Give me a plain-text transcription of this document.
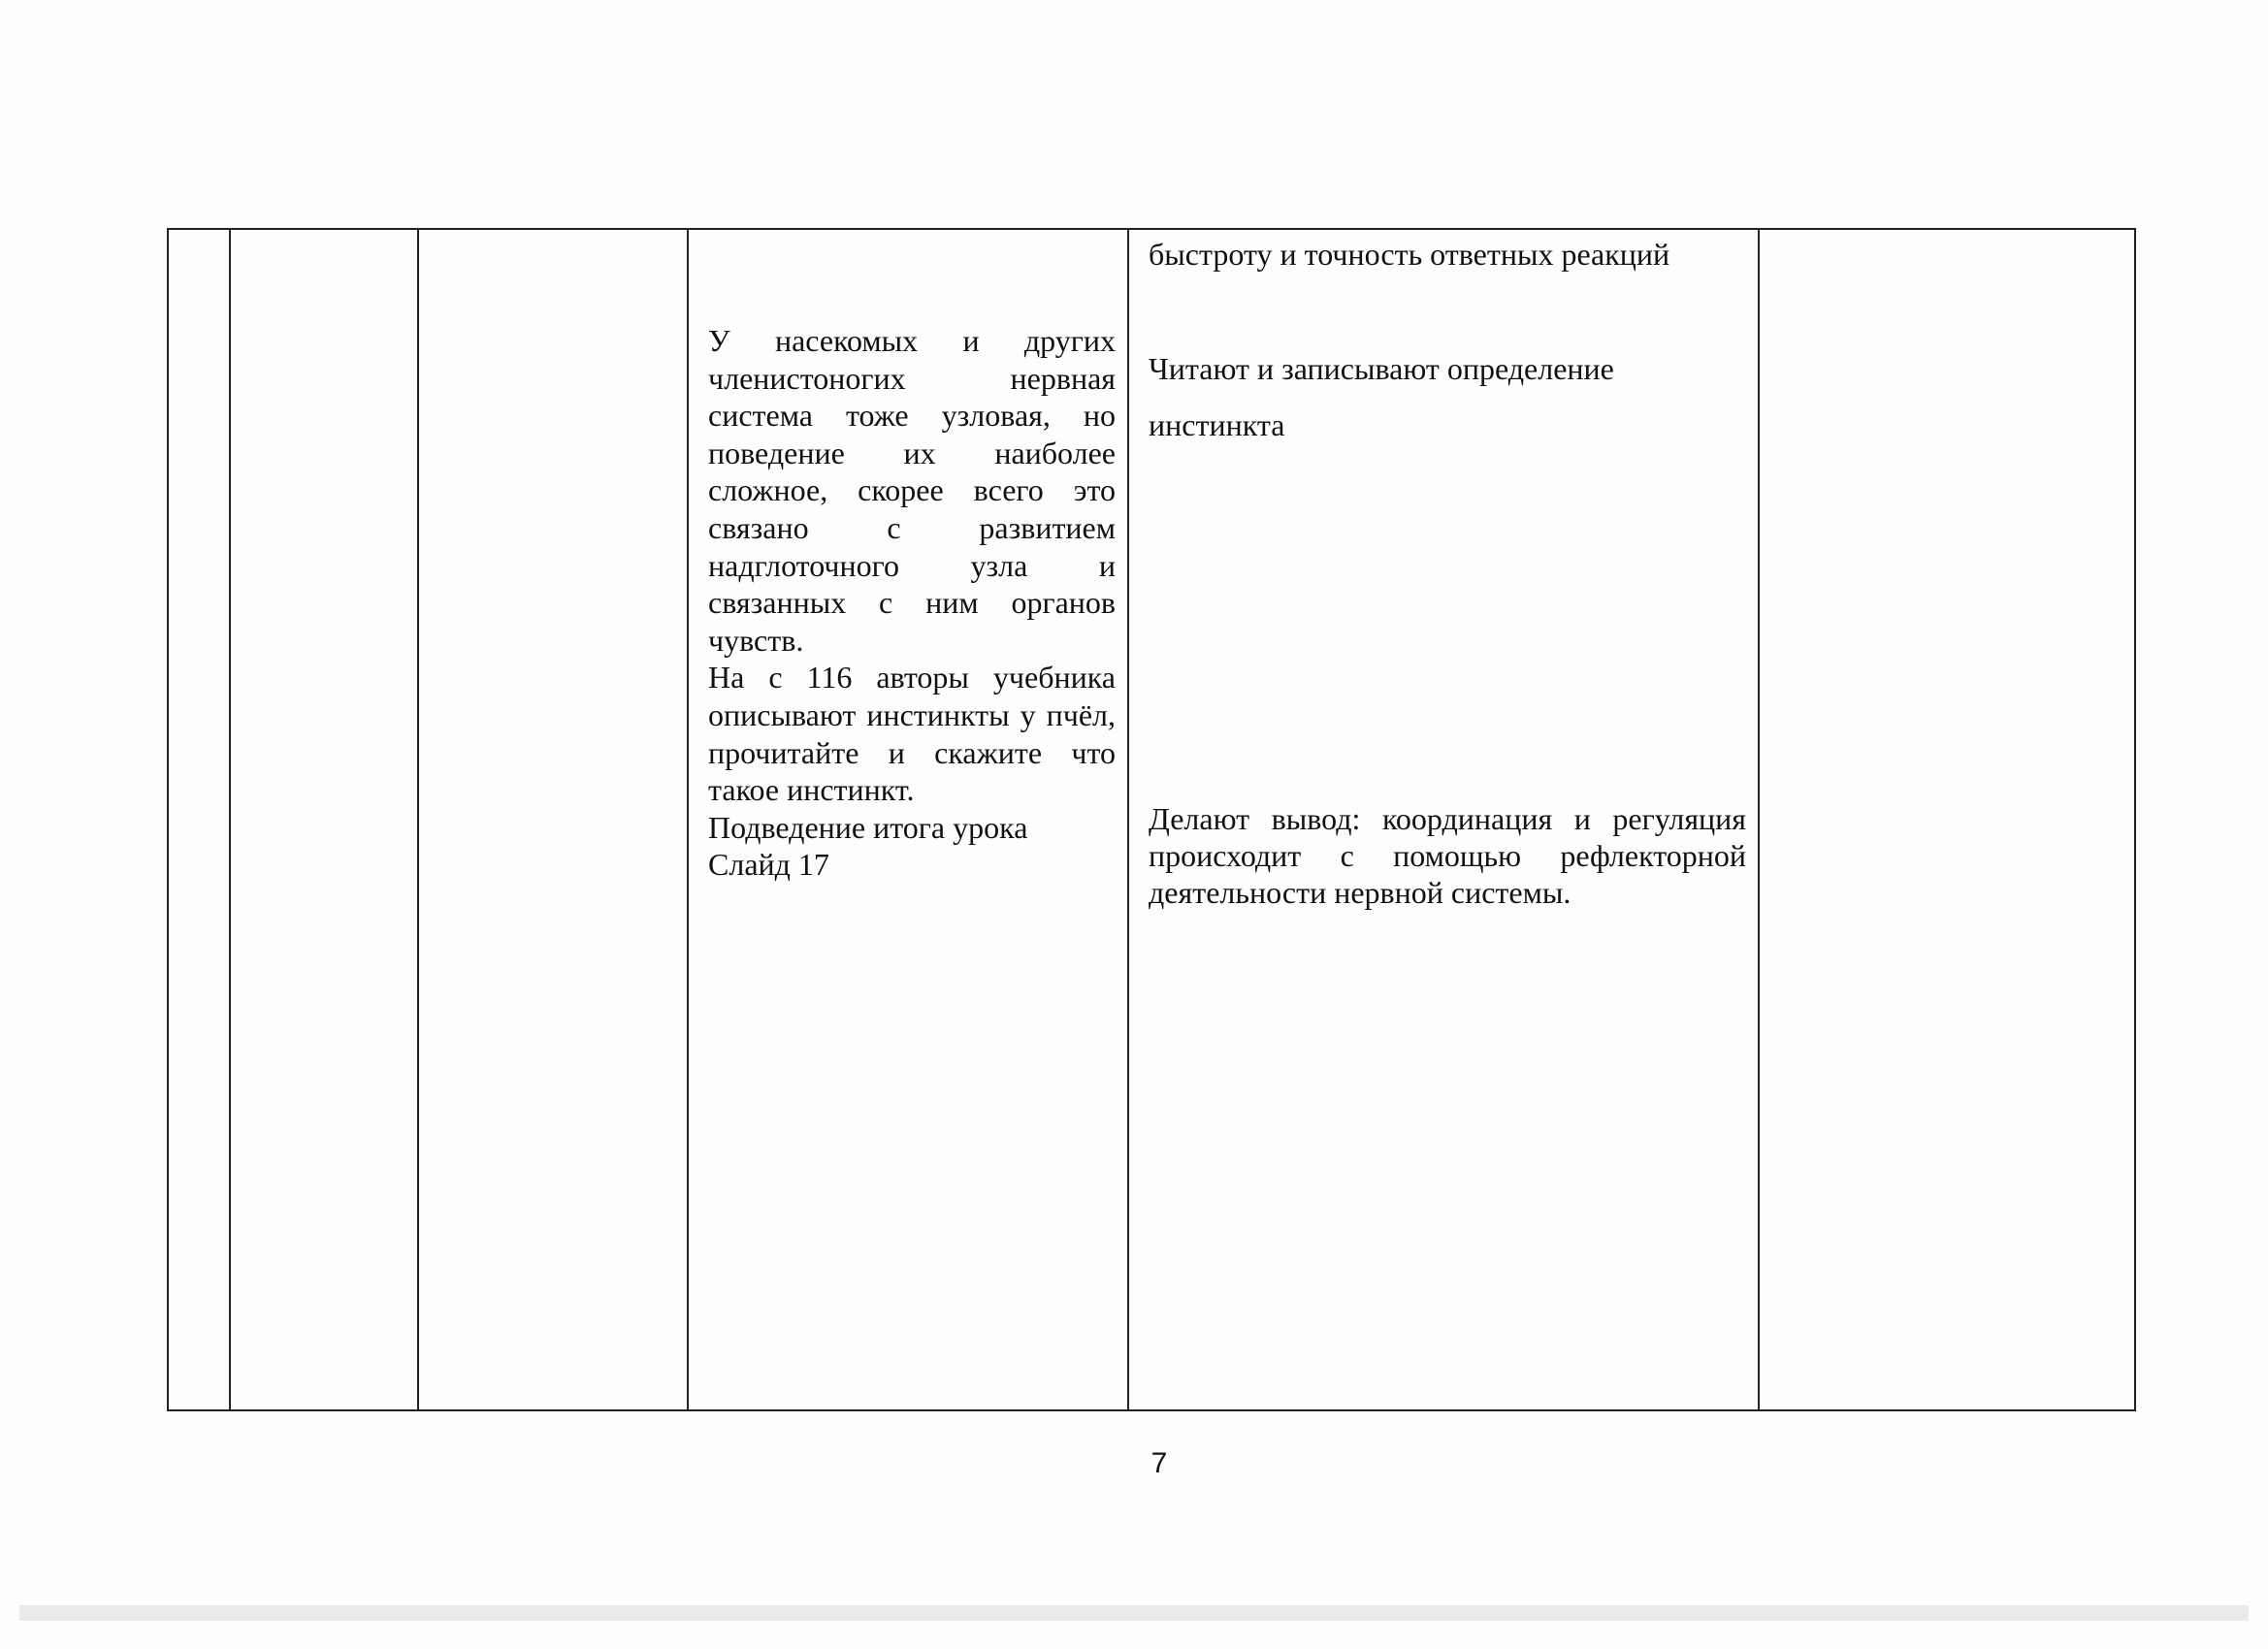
У насекомых и других членистоногих нервная система тоже узловая, но поведение их наиболее сложное, скорее всего это связано с развитием надглоточного узла и связанных с ним органов чувств.

На с 116 авторы учебника описывают инстинкты у пчёл, прочитайте и скажите что такое инстинкт.

Подведение итога урока

Слайд 17

быстроту и точность ответных реакций

Читают и записывают определение

инстинкта

Делают вывод: координация и регуляция происходит с помощью рефлекторной деятельности нервной системы.

7
